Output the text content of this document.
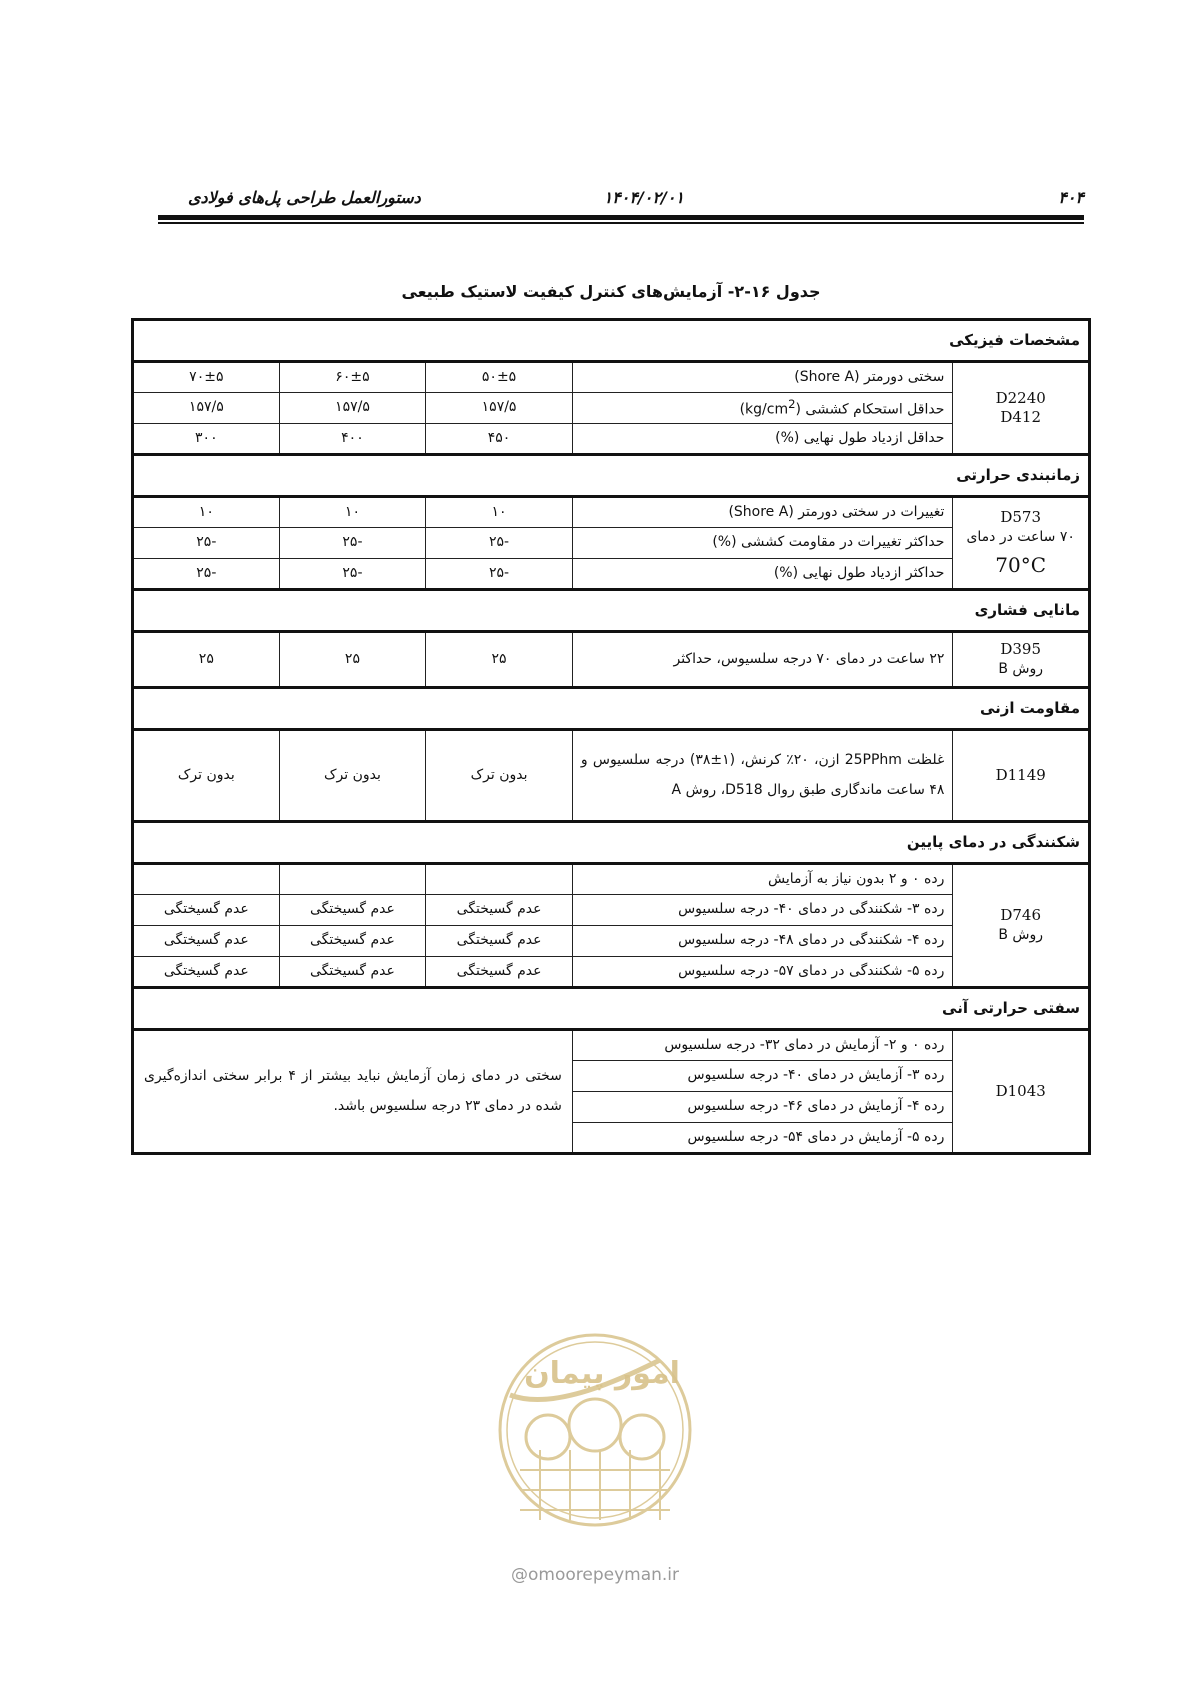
۴۰۴
۱۴۰۴/۰۲/۰۱
دستورالعمل طراحی پل‌های فولادی
جدول ۱۶-۲- آزمایش‌های کنترل کیفیت لاستیک طبیعی
مشخصات فیزیکی				
D2240
D412	سختی دورمتر (Shore A)	۵۰±۵	۶۰±۵	۷۰±۵
	حداقل استحکام کششی $(kg/cm^2)$	۱۵۷/۵	۱۵۷/۵	۱۵۷/۵
	حداقل ازدیاد طول نهایی (%)	۴۵۰	۴۰۰	۳۰۰
زمانبندی حرارتی				
D573
۷۰ ساعت در دمای
70°C	تغییرات در سختی دورمتر (Shore A)	۱۰	۱۰	۱۰
	حداکثر تغییرات در مقاومت کششی (%)	-۲۵	-۲۵	-۲۵
	حداکثر ازدیاد طول نهایی (%)	-۲۵	-۲۵	-۲۵
مانایی فشاری				
D395
روش B	۲۲ ساعت در دمای ۷۰ درجه سلسیوس، حداکثر	۲۵	۲۵	۲۵
مقاومت ازنی				
D1149	غلظت 25PPhm ازن، ۲۰٪ کرنش، (۱±۳۸) درجه سلسیوس و ۴۸ ساعت ماندگاری طبق روال D518، روش A	بدون ترک	بدون ترک	بدون ترک
شکنندگی در دمای پایین				
D746
روش B	رده ۰ و ۲ بدون نیاز به آزمایش			
	رده ۳- شکنندگی در دمای ۴۰- درجه سلسیوس	عدم گسیختگی	عدم گسیختگی	عدم گسیختگی
	رده ۴- شکنندگی در دمای ۴۸- درجه سلسیوس	عدم گسیختگی	عدم گسیختگی	عدم گسیختگی
	رده ۵- شکنندگی در دمای ۵۷- درجه سلسیوس	عدم گسیختگی	عدم گسیختگی	عدم گسیختگی
سفتی حرارتی آنی				
D1043	رده ۰ و ۲- آزمایش در دمای ۳۲- درجه سلسیوس	سختی در دمای زمان آزمایش نباید بیشتر از ۴ برابر سختی اندازه‌گیری شده در دمای ۲۳ درجه سلسیوس باشد.		
	رده ۳- آزمایش در دمای ۴۰- درجه سلسیوس			
	رده ۴- آزمایش در دمای ۴۶- درجه سلسیوس			
	رده ۵- آزمایش در دمای ۵۴- درجه سلسیوس			
امور پیمان
@omoorepeyman.ir
